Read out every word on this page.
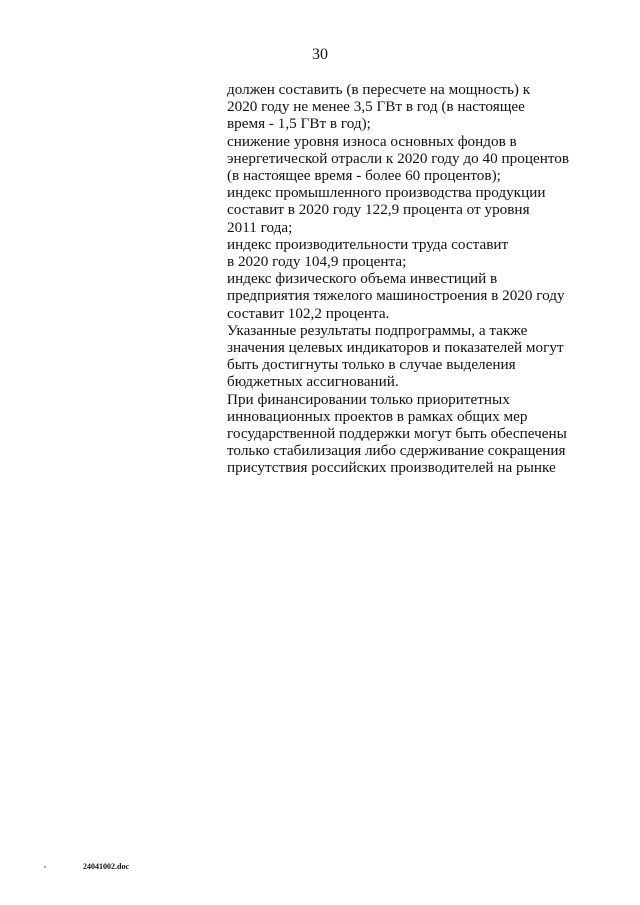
30
должен составить (в пересчете на мощность) к
2020 году не менее 3,5 ГВт в год (в настоящее
время - 1,5 ГВт в год);
снижение уровня износа основных фондов в
энергетической отрасли к 2020 году до 40 процентов
(в настоящее время - более 60 процентов);
индекс промышленного производства продукции
составит в 2020 году 122,9 процента от уровня
2011 года;
индекс производительности труда составит
в 2020 году 104,9 процента;
индекс физического объема инвестиций в
предприятия тяжелого машиностроения в 2020 году
составит 102,2 процента.
Указанные результаты подпрограммы, а также
значения целевых индикаторов и показателей могут
быть достигнуты только в случае выделения
бюджетных ассигнований.
При финансировании только приоритетных
инновационных проектов в рамках общих мер
государственной поддержки могут быть обеспечены
только стабилизация либо сдерживание сокращения
присутствия российских производителей на рынке
24041002.doc
